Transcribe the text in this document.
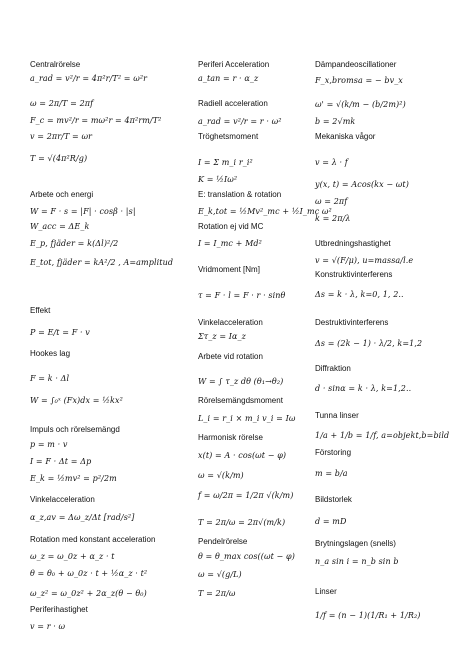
Centralrörelse
a_rad = v²/r = 4π²r/T² = ω²r
ω = 2π/T = 2πf
F_c = mv²/r = mω²r = 4π²rm/T²
v = 2πr/T = ωr
T = √(4π²R/g)
Arbete och energi
W = F · s = |F| · cosβ · |s|
W_acc = ΔE_k
E_p, fjäder = k(Δl)²/2
E_tot, fjäder = kA²/2 , A=amplitud
Effekt
P = E/t = F · v
Hookes lag
F = k · Δl
W = ∫₀ˣ (Fx)dx = ½kx²
Impuls och rörelsemängd
p = m · v
I = F · Δt = Δp
E_k = ½mv² = p²/2m
Vinkelacceleration
α_z,av = Δω_z/Δt [rad/s²]
Rotation med konstant acceleration
ω_z = ω_0z + α_z · t
θ = θ₀ + ω_0z · t + ½α_z · t²
ω_z² = ω_0z² + 2α_z(θ − θ₀)
Periferihastighet
v = r · ω
Periferi Acceleration
a_tan = r · α_z
Radiell acceleration
a_rad = v²/r = r · ω²
Tröghetsmoment
I = Σ m_i r_i²
K = ½Iω²
E: translation & rotation
E_k,tot = ½Mv²_mc + ½I_mc ω²
Rotation ej vid MC
I = I_mc + Md²
Vridmoment [Nm]
τ = F · l = F · r · sinθ
Vinkelacceleration
Στ_z = Iα_z
Arbete vid rotation
W = ∫ τ_z dθ (θ₁→θ₂)
Rörelsemängdsmoment
L_i = r_i × m_i v_i = Iω
Harmonisk rörelse
x(t) = A · cos(ωt − φ)
ω = √(k/m)
f = ω/2π = 1/2π √(k/m)
T = 2π/ω = 2π√(m/k)
Pendelrörelse
θ = θ_max cos((ωt − φ)
ω = √(g/L)
T = 2π/ω
Dämpandeoscillationer
F_x,bromsa = − bv_x
ω' = √(k/m − (b/2m)²)
b = 2√mk
Mekaniska vågor
v = λ · f
y(x, t) = Acos(kx − ωt)
ω = 2πf
k = 2π/λ
Utbredningshastighet
v = √(F/μ), u=massa/l.e
Konstruktivinterferens
Δs = k · λ, k=0, 1, 2..
Destruktivinterferens
Δs = (2k − 1) · λ/2, k=1,2
Diffraktion
d · sinα = k · λ, k=1,2..
Tunna linser
1/a + 1/b = 1/f, a=objekt,b=bild
Förstoring
m = b/a
Bildstorlek
d = mD
Brytningslagen (snells)
n_a sin i = n_b sin b
Linser
1/f = (n − 1)(1/R₁ + 1/R₂)
